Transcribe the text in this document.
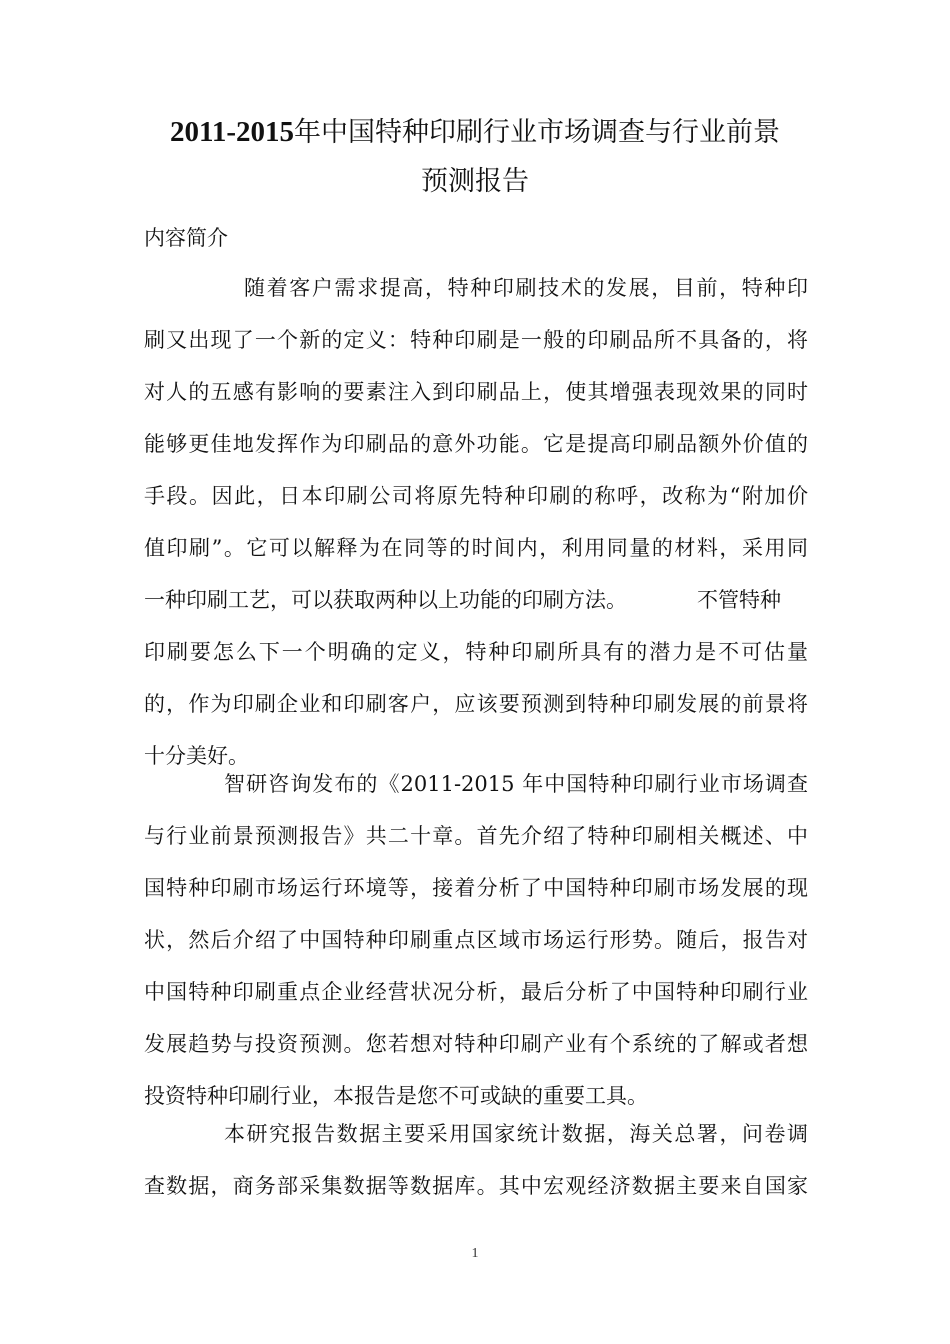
2011-2015年中国特种印刷行业市场调查与行业前景
预测报告
内容简介
随着客户需求提高，特种印刷技术的发展，目前，特种印
刷又出现了一个新的定义：特种印刷是一般的印刷品所不具备的，将
对人的五感有影响的要素注入到印刷品上，使其增强表现效果的同时
能够更佳地发挥作为印刷品的意外功能。它是提高印刷品额外价值的
手段。因此，日本印刷公司将原先特种印刷的称呼，改称为“附加价
值印刷”。它可以解释为在同等的时间内，利用同量的材料，采用同
一种印刷工艺，可以获取两种以上功能的印刷方法。	不管特种
印刷要怎么下一个明确的定义，特种印刷所具有的潜力是不可估量
的，作为印刷企业和印刷客户，应该要预测到特种印刷发展的前景将
十分美好。
智研咨询发布的《2011-2015 年中国特种印刷行业市场调查
与行业前景预测报告》共二十章。首先介绍了特种印刷相关概述、中
国特种印刷市场运行环境等，接着分析了中国特种印刷市场发展的现
状，然后介绍了中国特种印刷重点区域市场运行形势。随后，报告对
中国特种印刷重点企业经营状况分析，最后分析了中国特种印刷行业
发展趋势与投资预测。您若想对特种印刷产业有个系统的了解或者想
投资特种印刷行业，本报告是您不可或缺的重要工具。
本研究报告数据主要采用国家统计数据，海关总署，问卷调
查数据，商务部采集数据等数据库。其中宏观经济数据主要来自国家
1
